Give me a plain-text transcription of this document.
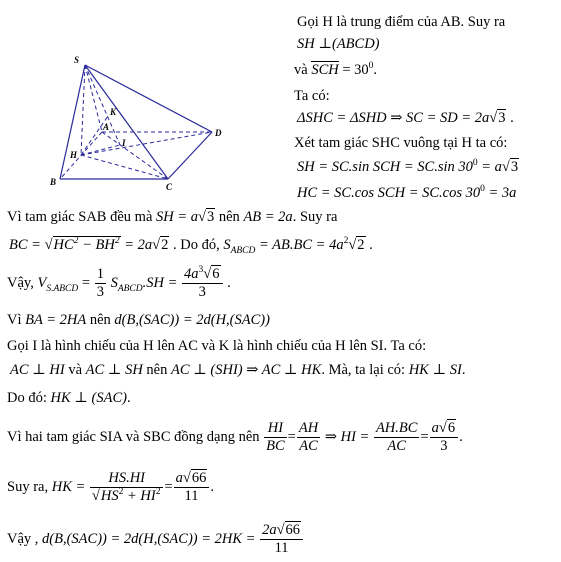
S
B	C
D
H
A
I
K
Gọi H là trung điểm của AB. Suy ra
SH ⊥(ABCD)
và SCH = $30^0$.
Ta có:
ΔSHC = ΔSHD ⇒ SC = SD = 2a√3 .
Xét tam giác SHC vuông tại H ta có:
SH = SC.sin SCH = SC.sin $30^0 = a√3$
HC = SC.cos SCH = SC.cos $30^0 = 3a$
Vì tam giác SAB đều mà SH = a√3 nên AB = 2a. Suy ra
BC = $√HC^2 - BH^2 = 2a√2$ . Do đó, $S_{ABCD} = AB.BC = 4a^2√2$ .
Vậy, $V_{S.ABCD} = \frac{1}{3} S_{ABCD}.SH = \frac{4a^3√6}{3}$ .
Vì BA = 2HA nên d(B,(SAC)) = 2d(H,(SAC))
Gọi I là hình chiếu của H lên AC và K là hình chiếu của H lên SI. Ta có:
AC ⊥ HI và AC ⊥ SH nên AC ⊥ (SHI) ⇒ AC ⊥ HK. Mà, ta lại có: HK ⊥ SI.
Do đó: HK ⊥ (SAC).
Vì hai tam giác SIA và SBC đồng dạng nên $\frac{HI}{BC} = \frac{AH}{AC}$ ⇒ HI = $\frac{AH.BC}{AC} = \frac{a√6}{3}$ .
Suy ra, HK = $\frac{HS.HI}{√HS^2 + HI^2} = \frac{a√66}{11}$ .
Vậy , $d(B,(SAC)) = 2d(H,(SAC)) = 2HK = \frac{2a√66}{11}$
